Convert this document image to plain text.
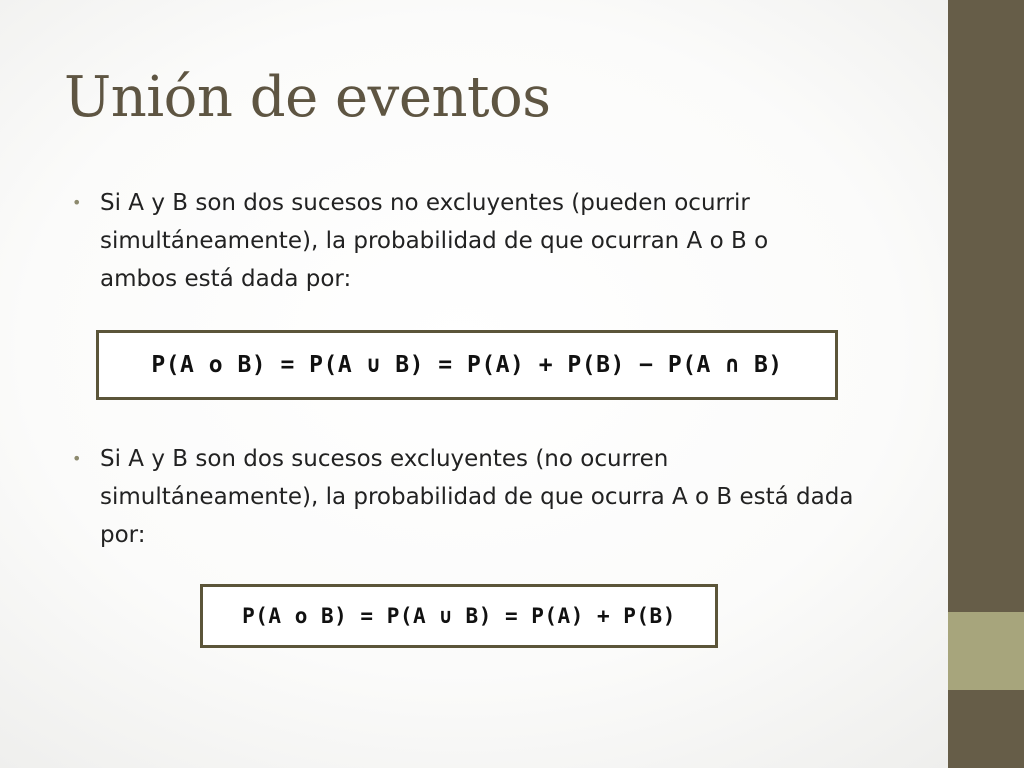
Unión de eventos
• Si A y B son dos sucesos no excluyentes (pueden ocurrir simultáneamente), la probabilidad de que ocurran A o B o ambos está dada por:
P(A o B) = P(A ∪ B) = P(A) + P(B) − P(A ∩ B)
• Si A y B son dos sucesos excluyentes (no ocurren simultáneamente), la probabilidad de que ocurra A o B está dada por:
P(A o B) = P(A ∪ B) = P(A) + P(B)
